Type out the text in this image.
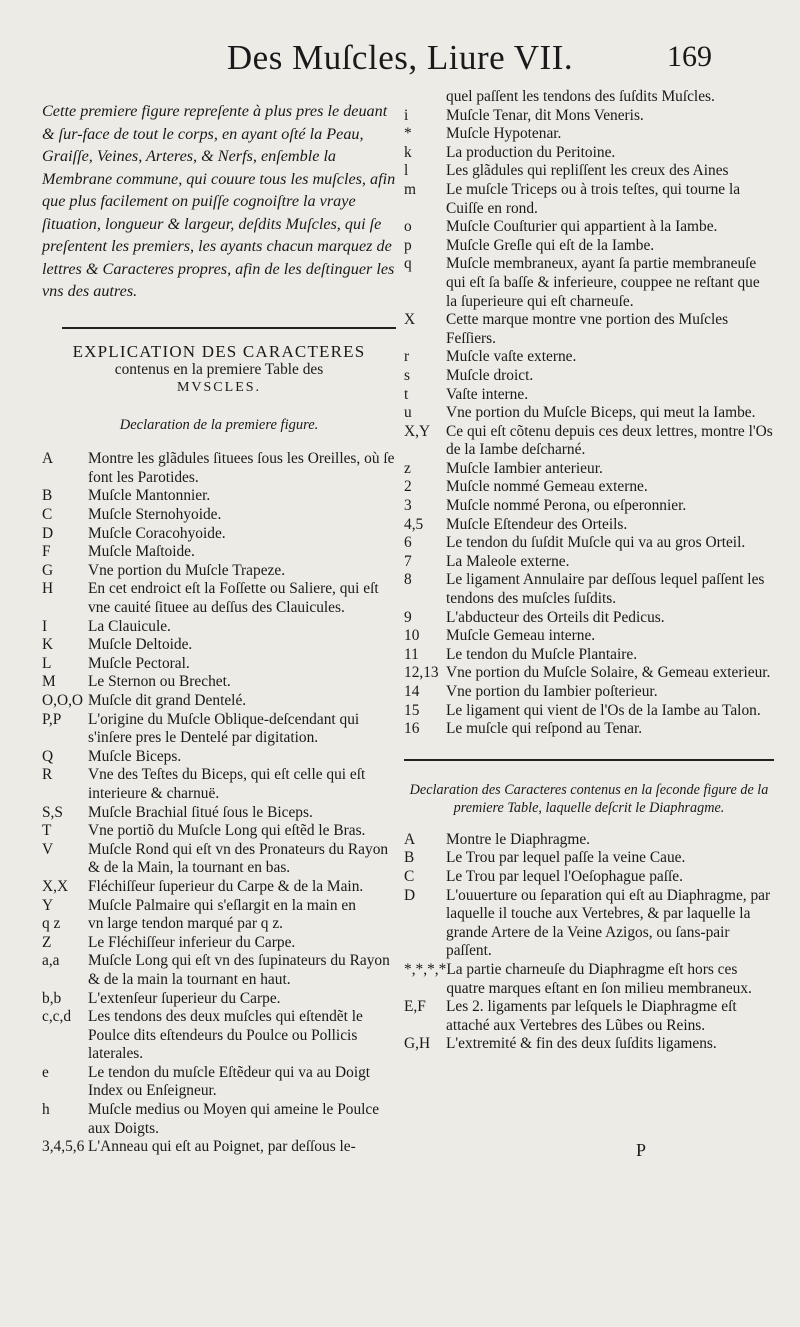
Des Muſcles, Liure VII.	169

Cette premiere figure repreſente à plus pres le deuant & ſur-face de tout le corps, en ayant oſté la Peau, Graiſſe, Veines, Arteres, & Nerfs, enſemble la Membrane commune, qui couure tous les muſcles, afin que plus facilement on puiſſe cognoiſtre la vraye ſituation, longueur & largeur, deſdits Muſcles, qui ſe preſentent les premiers, les ayants chacun marquez de lettres & Caracteres propres, afin de les deſtinguer les vns des autres.

EXPLICATION DES CARACTERES
contenus en la premiere Table des
MVSCLES.
Declaration de la premiere figure.
A	Montre les glãdules ſituees ſous les Oreilles, où ſe font les Parotides.
B	Muſcle Mantonnier.
C	Muſcle Sternohyoide.
D	Muſcle Coracohyoide.
F	Muſcle Maſtoide.
G	Vne portion du Muſcle Trapeze.
H	En cet endroict eſt la Foſſette ou Saliere, qui eſt vne cauité ſituee au deſſus des Clauicules.
I	La Clauicule.
K	Muſcle Deltoide.
L	Muſcle Pectoral.
M	Le Sternon ou Brechet.
O,O,O Muſcle dit grand Dentelé.
P,P	L'origine du Muſcle Oblique-deſcendant qui s'inſere pres le Dentelé par digitation.
Q	Muſcle Biceps.
R	Vne des Teſtes du Biceps, qui eſt celle qui eſt interieure & charnuë.
S,S	Muſcle Brachial ſitué ſous le Biceps.
T	Vne portiõ du Muſcle Long qui eſtẽd le Bras.
V	Muſcle Rond qui eſt vn des Pronateurs du Rayon & de la Main, la tournant en bas.
X,X	Fléchiſſeur ſuperieur du Carpe & de la Main.
Y	Muſcle Palmaire qui s'eſlargit en la main en
q z	vn large tendon marqué par q z.
Z	Le Fléchiſſeur inferieur du Carpe.
a,a	Muſcle Long qui eſt vn des ſupinateurs du Rayon & de la main la tournant en haut.
b,b	L'extenſeur ſuperieur du Carpe.
c,c,d	Les tendons des deux muſcles qui eſtendẽt le Poulce dits eſtendeurs du Poulce ou Pollicis laterales.
e	Le tendon du muſcle Eſtẽdeur qui va au Doigt Index ou Enſeigneur.
h	Muſcle medius ou Moyen qui ameine le Poulce aux Doigts.
3,4,5,6 L'Anneau qui eſt au Poignet, par deſſous le-
quel paſſent les tendons des ſuſdits Muſcles.
i	Muſcle Tenar, dit Mons Veneris.
*	Muſcle Hypotenar.
k	La production du Peritoine.
l	Les glãdules qui repliſſent les creux des Aines
m	Le muſcle Triceps ou à trois teſtes, qui tourne la Cuiſſe en rond.
o	Muſcle Couſturier qui appartient à la Iambe.
p	Muſcle Greſle qui eſt de la Iambe.
q	Muſcle membraneux, ayant ſa partie membraneuſe qui eſt ſa baſſe & inferieure, couppee ne reſtant que la ſuperieure qui eſt charneuſe.
X	Cette marque montre vne portion des Muſcles Feſſiers.
r	Muſcle vaſte externe.
s	Muſcle droict.
t	Vaſte interne.
u	Vne portion du Muſcle Biceps, qui meut la Iambe.
X,Y	Ce qui eſt cõtenu depuis ces deux lettres, montre l'Os de la Iambe deſcharné.
z	Muſcle Iambier anterieur.
2	Muſcle nommé Gemeau externe.
3	Muſcle nommé Perona, ou eſperonnier.
4,5	Muſcle Eſtendeur des Orteils.
6	Le tendon du ſuſdit Muſcle qui va au gros Orteil.
7	La Maleole externe.
8	Le ligament Annulaire par deſſous lequel paſſent les tendons des muſcles ſuſdits.
9	L'abducteur des Orteils dit Pedicus.
10	Muſcle Gemeau interne.
11	Le tendon du Muſcle Plantaire.
12,13 Vne portion du Muſcle Solaire, & Gemeau exterieur.
14	Vne portion du Iambier poſterieur.
15	Le ligament qui vient de l'Os de la Iambe au Talon.
16	Le muſcle qui reſpond au Tenar.
Declaration des Caracteres contenus en la ſeconde figure de la premiere Table, laquelle deſcrit le Diaphragme.
A	Montre le Diaphragme.
B	Le Trou par lequel paſſe la veine Caue.
C	Le Trou par lequel l'Oeſophague paſſe.
D	L'ouuerture ou ſeparation qui eſt au Diaphragme, par laquelle il touche aux Vertebres, & par laquelle la grande Artere de la Veine Azigos, ou ſans-pair paſſent.
*,*,*,* La partie charneuſe du Diaphragme eſt hors ces quatre marques eſtant en ſon milieu membraneux.
E,F	Les 2. ligaments par leſquels le Diaphragme eſt attaché aux Vertebres des Lũbes ou Reins.
G,H	L'extremité & fin des deux ſuſdits ligamens.
P
